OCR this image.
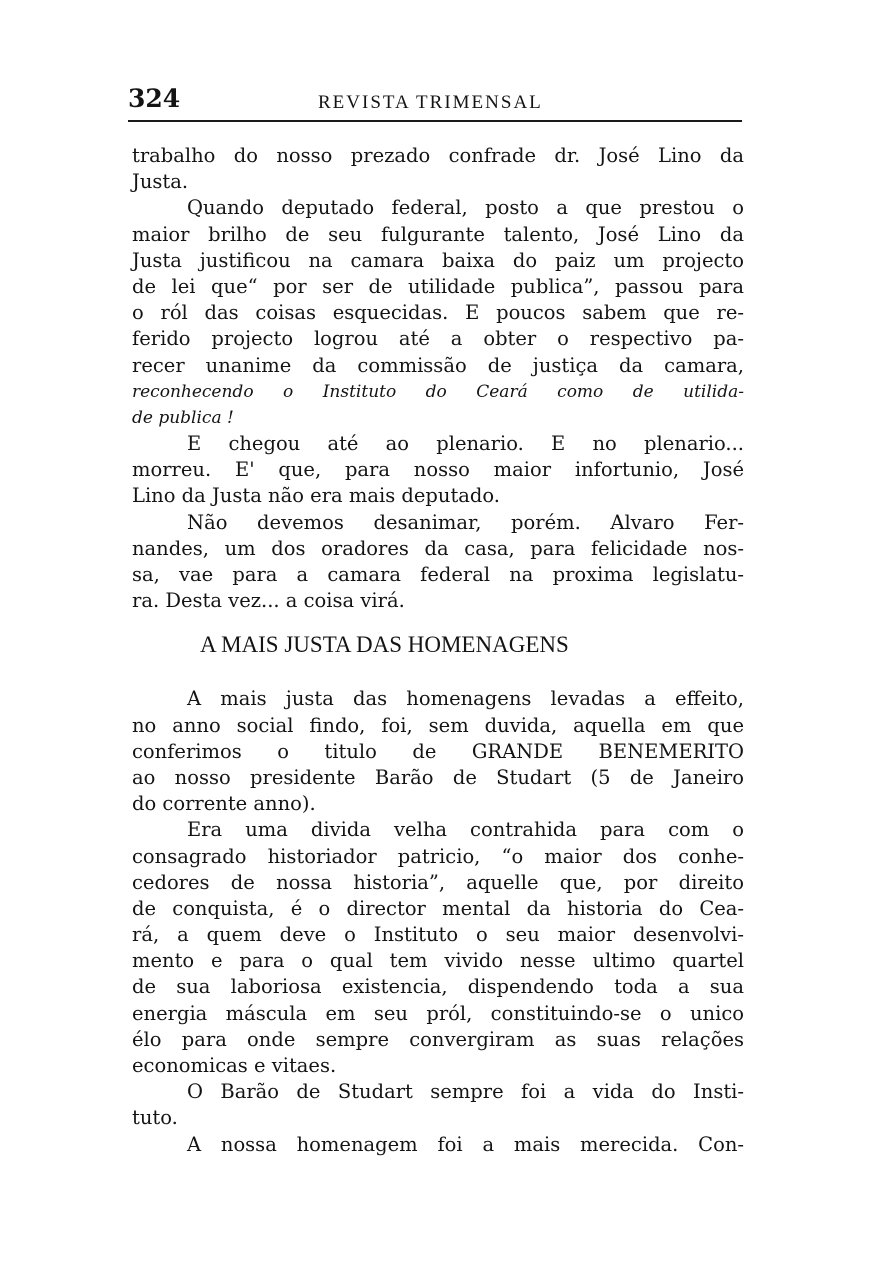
324	REVISTA TRIMENSAL
trabalho do nosso prezado confrade dr. José Lino da
Justa.
Quando deputado federal, posto a que prestou o
maior brilho de seu fulgurante talento, José Lino da
Justa justificou na camara baixa do paiz um projecto
de lei que“ por ser de utilidade publica”, passou para
o ról das coisas esquecidas. E poucos sabem que re-
ferido projecto logrou até a obter o respectivo pa-
recer unanime da commissão de justiça da camara,
reconhecendo o Instituto do Ceará como de utilida-
de publica !
E chegou até ao plenario. E no plenario...
morreu. E' que, para nosso maior infortunio, José
Lino da Justa não era mais deputado.
Não devemos desanimar, porém. Alvaro Fer-
nandes, um dos oradores da casa, para felicidade nos-
sa, vae para a camara federal na proxima legislatu-
ra. Desta vez... a coisa virá.
A MAIS JUSTA DAS HOMENAGENS
A mais justa das homenagens levadas a effeito,
no anno social findo, foi, sem duvida, aquella em que
conferimos o titulo de GRANDE BENEMERITO
ao nosso presidente Barão de Studart (5 de Janeiro
do corrente anno).
Era uma divida velha contrahida para com o
consagrado historiador patricio, “o maior dos conhe-
cedores de nossa historia”, aquelle que, por direito
de conquista, é o director mental da historia do Cea-
rá, a quem deve o Instituto o seu maior desenvolvi-
mento e para o qual tem vivido nesse ultimo quartel
de sua laboriosa existencia, dispendendo toda a sua
energia máscula em seu pról, constituindo-se o unico
élo para onde sempre convergiram as suas relações
economicas e vitaes.
O Barão de Studart sempre foi a vida do Insti-
tuto.
A nossa homenagem foi a mais merecida. Con-
